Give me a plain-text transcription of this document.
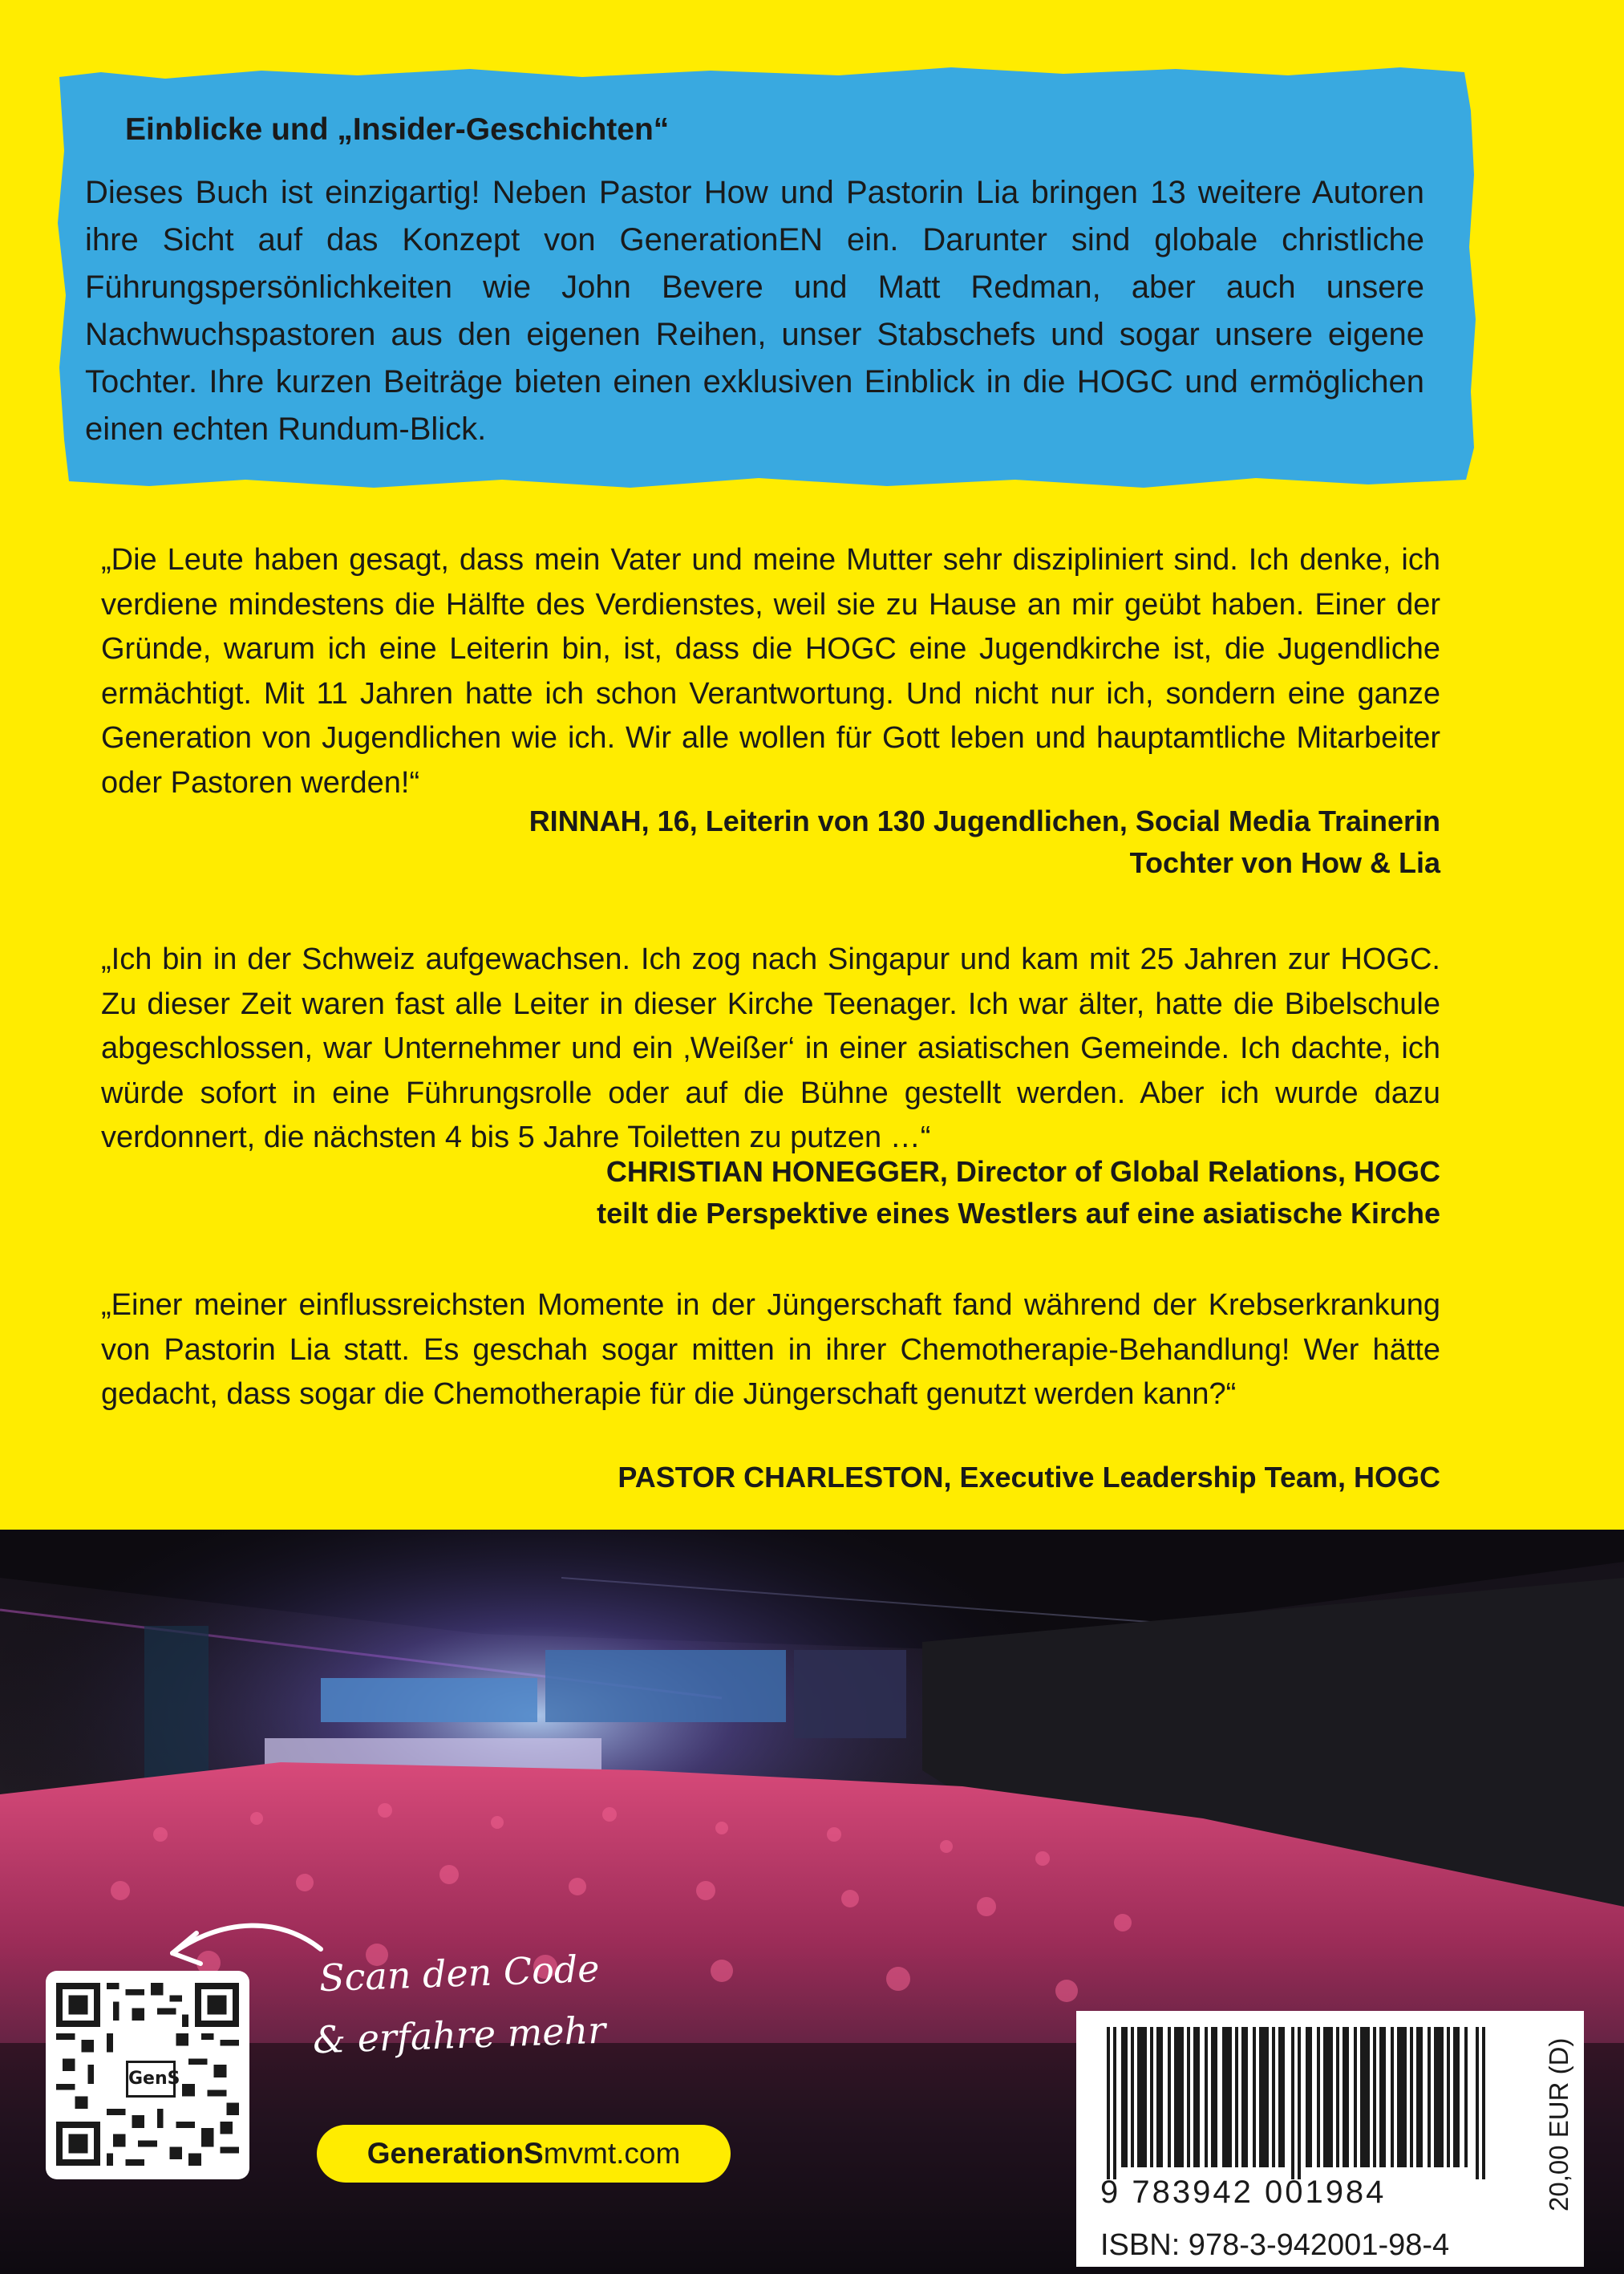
Einblicke und „Insider-Geschichten“
Dieses Buch ist einzigartig! Neben Pastor How und Pastorin Lia bringen 13 weitere Autoren ihre Sicht auf das Konzept von GenerationEN ein. Darunter sind globale christliche Führungspersönlichkeiten wie John Bevere und Matt Redman, aber auch unsere Nachwuchspastoren aus den eigenen Reihen, unser Stabschefs und sogar unsere eigene Tochter. Ihre kurzen Beiträge bieten einen exklusiven Einblick in die HOGC und ermöglichen einen echten Rundum-Blick.
„Die Leute haben gesagt, dass mein Vater und meine Mutter sehr diszipliniert sind. Ich denke, ich verdiene mindestens die Hälfte des Verdienstes, weil sie zu Hause an mir geübt haben. Einer der Gründe, warum ich eine Leiterin bin, ist, dass die HOGC eine Jugendkirche ist, die Jugendliche ermächtigt. Mit 11 Jahren hatte ich schon Verantwortung. Und nicht nur ich, sondern eine ganze Generation von Jugendlichen wie ich. Wir alle wollen für Gott leben und hauptamtliche Mitarbeiter oder Pastoren werden!“
RINNAH, 16, Leiterin von 130 Jugendlichen, Social Media Trainerin
Tochter von How & Lia
„Ich bin in der Schweiz aufgewachsen. Ich zog nach Singapur und kam mit 25 Jahren zur HOGC. Zu dieser Zeit waren fast alle Leiter in dieser Kirche Teenager. Ich war älter, hatte die Bibelschule abgeschlossen, war Unternehmer und ein ‚Weißer‘ in einer asiatischen Gemeinde. Ich dachte, ich würde sofort in eine Führungsrolle oder auf die Bühne gestellt werden. Aber ich wurde dazu verdonnert, die nächsten 4 bis 5 Jahre Toiletten zu putzen …“
CHRISTIAN HONEGGER, Director of Global Relations, HOGC
teilt die Perspektive eines Westlers auf eine asiatische Kirche
„Einer meiner einflussreichsten Momente in der Jüngerschaft fand während der Krebserkrankung von Pastorin Lia statt. Es geschah sogar mitten in ihrer Chemotherapie-Behandlung! Wer hätte gedacht, dass sogar die Chemotherapie für die Jüngerschaft genutzt werden kann?“
PASTOR CHARLESTON, Executive Leadership Team, HOGC
GenS
Scan den Code
& erfahre mehr
GenerationSmvmt.com
9 783942 001984	20,00 EUR (D)
ISBN: 978-3-942001-98-4
